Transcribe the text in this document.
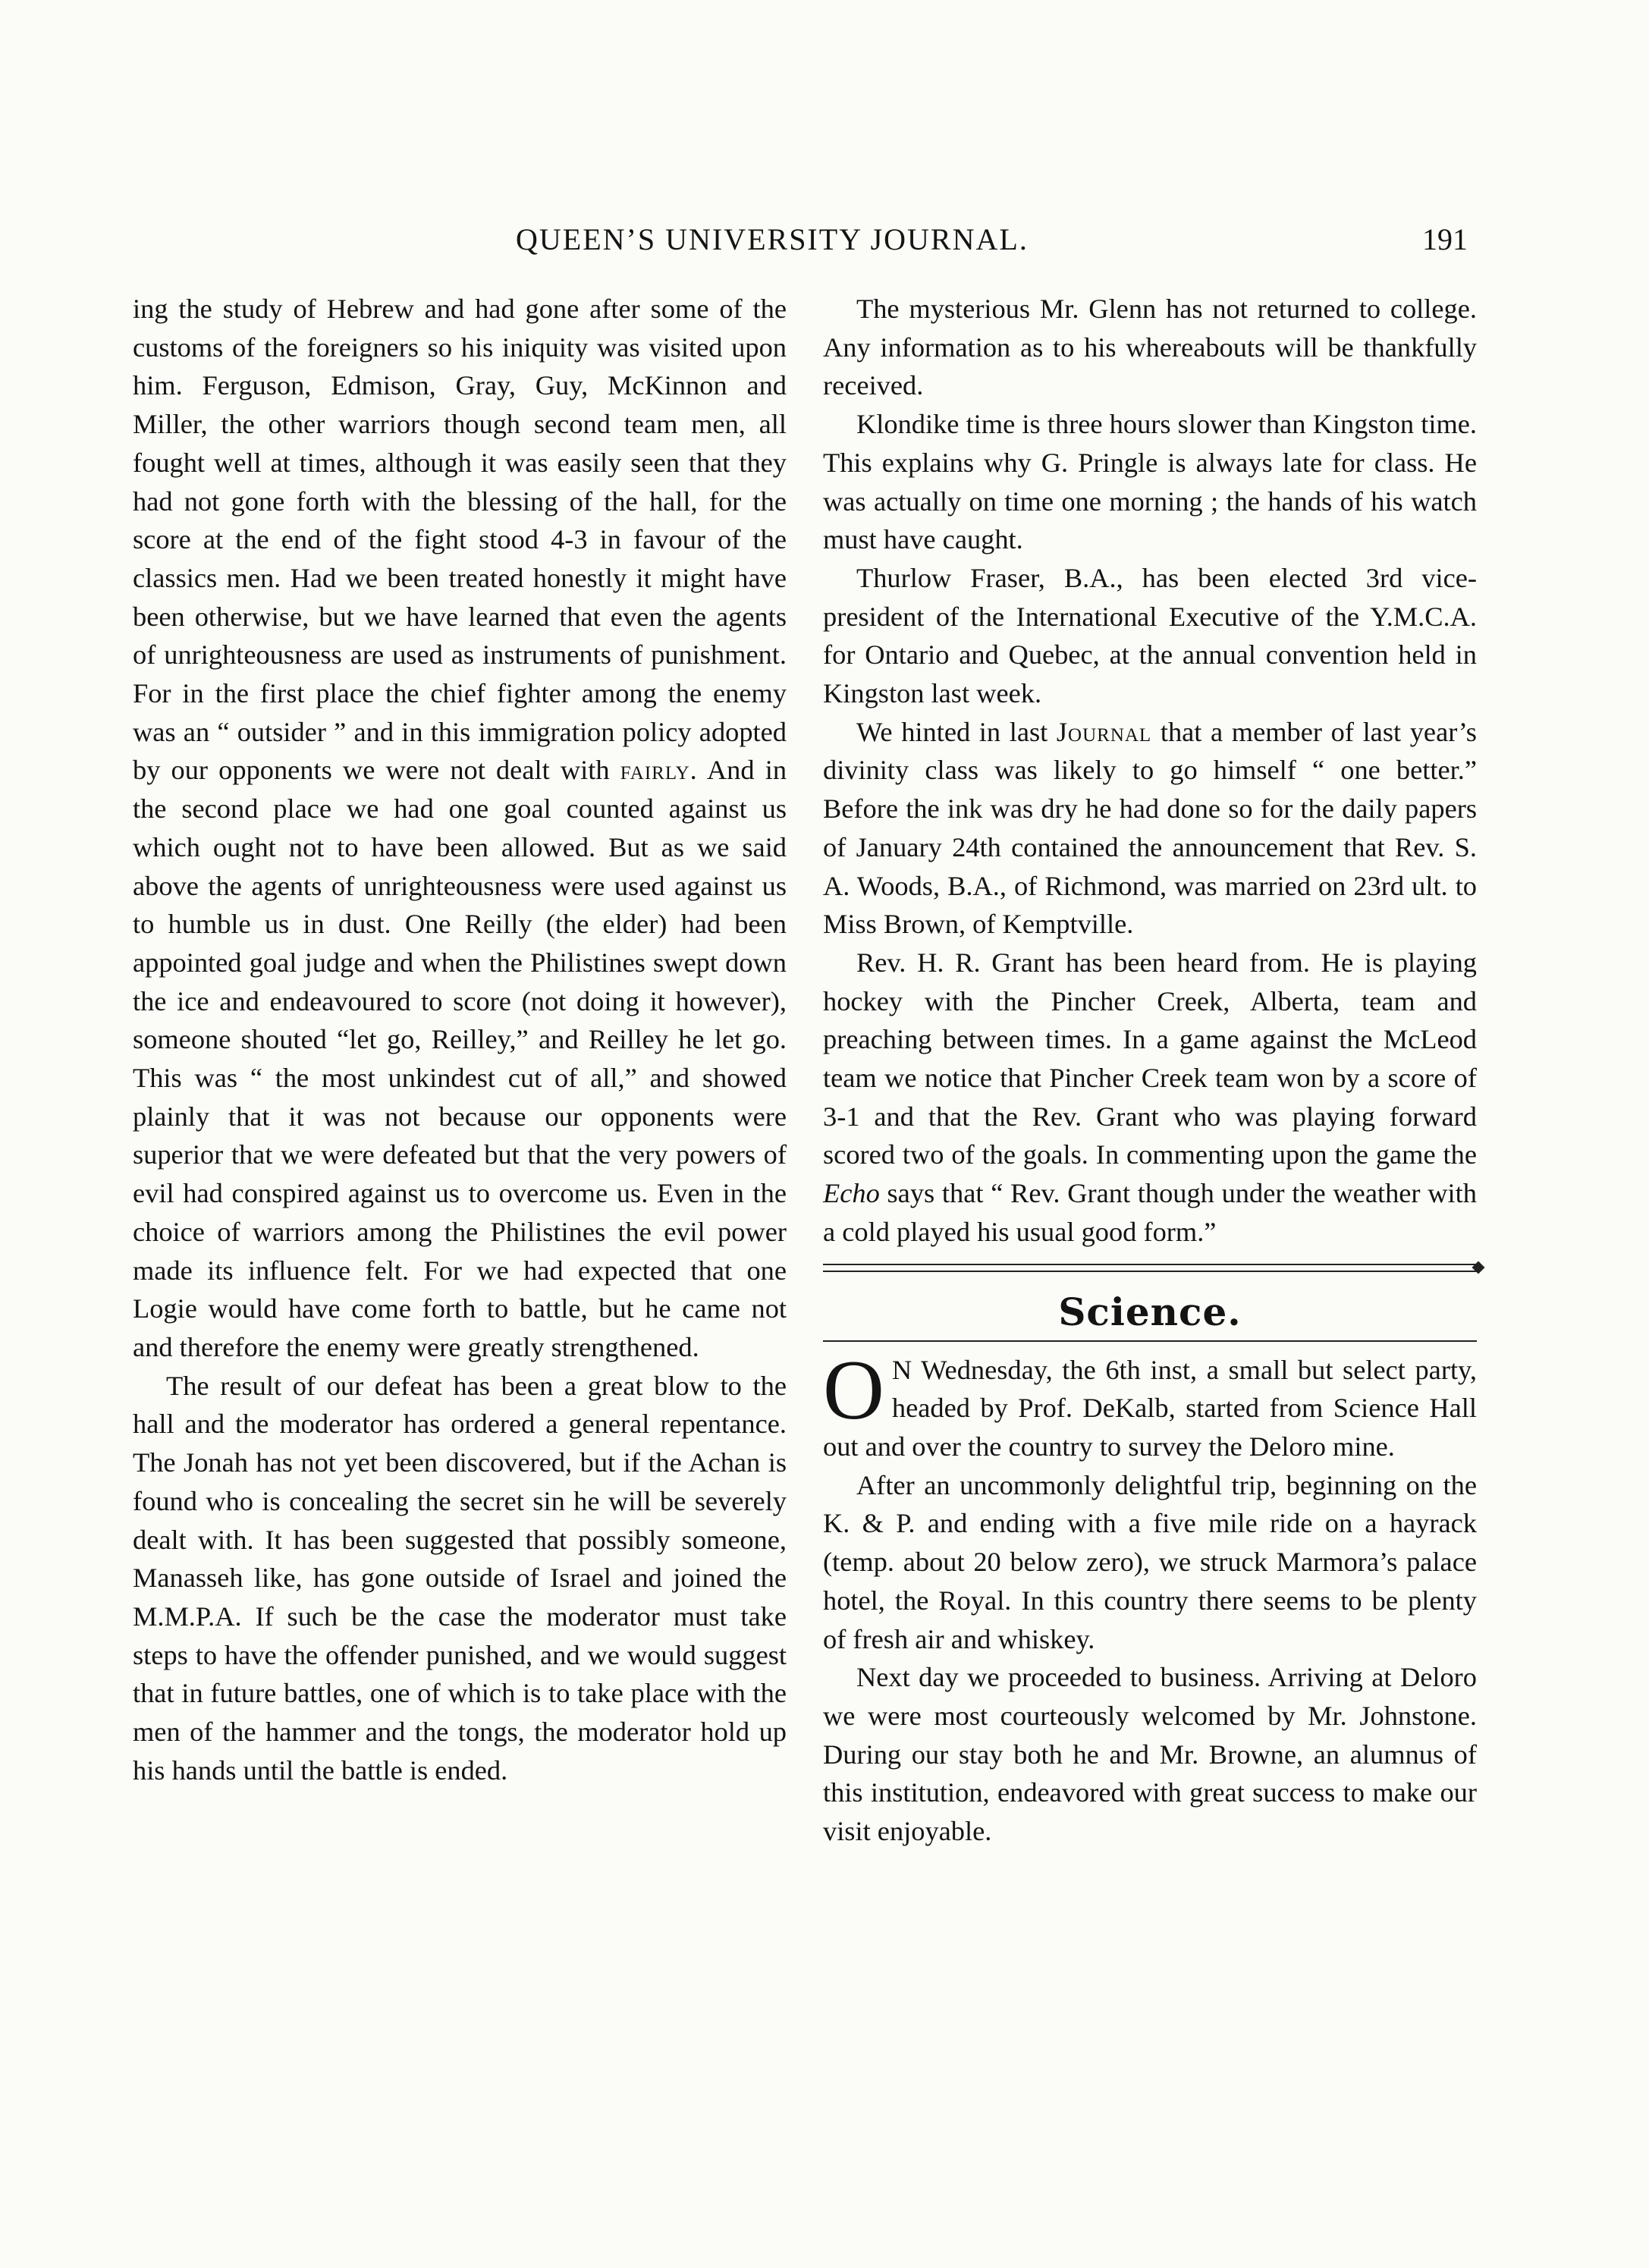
QUEEN’S UNIVERSITY JOURNAL.	191

ing the study of Hebrew and had gone after some of the customs of the foreigners so his iniquity was visited upon him. Ferguson, Edmison, Gray, Guy, McKinnon and Miller, the other warriors though second team men, all fought well at times, although it was easily seen that they had not gone forth with the blessing of the hall, for the score at the end of the fight stood 4-3 in favour of the classics men. Had we been treated honestly it might have been otherwise, but we have learned that even the agents of unrighteousness are used as instruments of punishment. For in the first place the chief fighter among the enemy was an “ outsider ” and in this immigration policy adopted by our opponents we were not dealt with fairly. And in the second place we had one goal counted against us which ought not to have been allowed. But as we said above the agents of unrighteousness were used against us to humble us in dust. One Reilly (the elder) had been appointed goal judge and when the Philistines swept down the ice and endeavoured to score (not doing it however), someone shouted “let go, Reilley,” and Reilley he let go. This was “ the most unkindest cut of all,” and showed plainly that it was not because our opponents were superior that we were defeated but that the very powers of evil had conspired against us to overcome us. Even in the choice of warriors among the Philistines the evil power made its influence felt. For we had expected that one Logie would have come forth to battle, but he came not and therefore the enemy were greatly strengthened.

The result of our defeat has been a great blow to the hall and the moderator has ordered a general repentance. The Jonah has not yet been discovered, but if the Achan is found who is concealing the secret sin he will be severely dealt with. It has been suggested that possibly someone, Manasseh like, has gone outside of Israel and joined the M.M.P.A. If such be the case the moderator must take steps to have the offender punished, and we would suggest that in future battles, one of which is to take place with the men of the hammer and the tongs, the moderator hold up his hands until the battle is ended.

The mysterious Mr. Glenn has not returned to college. Any information as to his whereabouts will be thankfully received.

Klondike time is three hours slower than Kingston time. This explains why G. Pringle is always late for class. He was actually on time one morning ; the hands of his watch must have caught.

Thurlow Fraser, B.A., has been elected 3rd vice-president of the International Executive of the Y.M.C.A. for Ontario and Quebec, at the annual convention held in Kingston last week.

We hinted in last Journal that a member of last year’s divinity class was likely to go himself “ one better.” Before the ink was dry he had done so for the daily papers of January 24th contained the announcement that Rev. S. A. Woods, B.A., of Richmond, was married on 23rd ult. to Miss Brown, of Kemptville.

Rev. H. R. Grant has been heard from. He is playing hockey with the Pincher Creek, Alberta, team and preaching between times. In a game against the McLeod team we notice that Pincher Creek team won by a score of 3-1 and that the Rev. Grant who was playing forward scored two of the goals. In commenting upon the game the Echo says that “ Rev. Grant though under the weather with a cold played his usual good form.”

Science.

O N Wednesday, the 6th inst, a small but select party, headed by Prof. DeKalb, started from Science Hall out and over the country to survey the Deloro mine.

After an uncommonly delightful trip, beginning on the K. & P. and ending with a five mile ride on a hayrack (temp. about 20 below zero), we struck Marmora’s palace hotel, the Royal. In this country there seems to be plenty of fresh air and whiskey.

Next day we proceeded to business. Arriving at Deloro we were most courteously welcomed by Mr. Johnstone. During our stay both he and Mr. Browne, an alumnus of this institution, endeavored with great success to make our visit enjoyable.
